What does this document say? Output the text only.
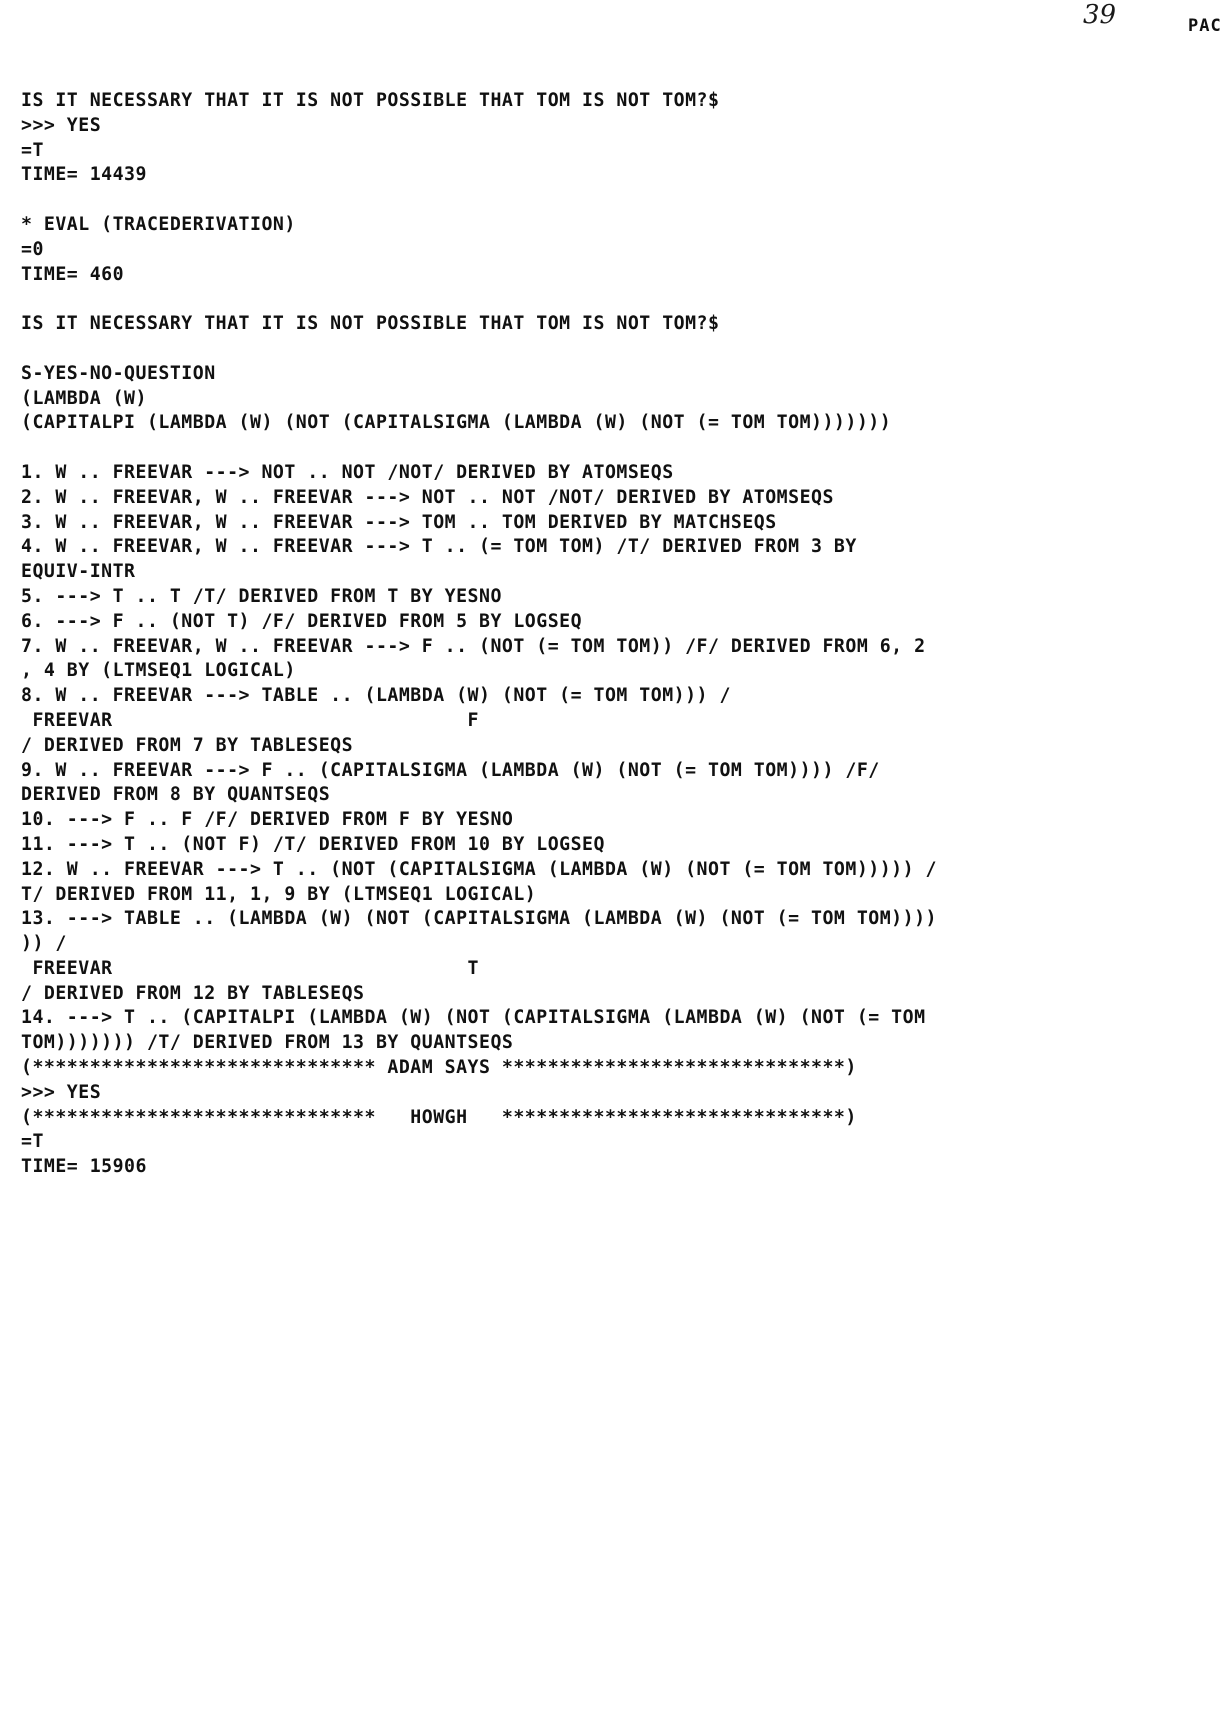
39	PAC
IS IT NECESSARY THAT IT IS NOT POSSIBLE THAT TOM IS NOT TOM?$
>>> YES
=T
TIME= 14439
* EVAL (TRACEDERIVATION)
=0
TIME= 460
IS IT NECESSARY THAT IT IS NOT POSSIBLE THAT TOM IS NOT TOM?$
S-YES-NO-QUESTION
(LAMBDA (W)
(CAPITALPI (LAMBDA (W) (NOT (CAPITALSIGMA (LAMBDA (W) (NOT (= TOM TOM)))))))
1. W .. FREEVAR ---> NOT .. NOT /NOT/ DERIVED BY ATOMSEQS
2. W .. FREEVAR, W .. FREEVAR ---> NOT .. NOT /NOT/ DERIVED BY ATOMSEQS
3. W .. FREEVAR, W .. FREEVAR ---> TOM .. TOM DERIVED BY MATCHSEQS
4. W .. FREEVAR, W .. FREEVAR ---> T .. (= TOM TOM) /T/ DERIVED FROM 3 BY
EQUIV-INTR
5. ---> T .. T /T/ DERIVED FROM T BY YESNO
6. ---> F .. (NOT T) /F/ DERIVED FROM 5 BY LOGSEQ
7. W .. FREEVAR, W .. FREEVAR ---> F .. (NOT (= TOM TOM)) /F/ DERIVED FROM 6, 2
, 4 BY (LTMSEQ1 LOGICAL)
8. W .. FREEVAR ---> TABLE .. (LAMBDA (W) (NOT (= TOM TOM))) /
FREEVAR                               F
/ DERIVED FROM 7 BY TABLESEQS
9. W .. FREEVAR ---> F .. (CAPITALSIGMA (LAMBDA (W) (NOT (= TOM TOM)))) /F/
DERIVED FROM 8 BY QUANTSEQS
10. ---> F .. F /F/ DERIVED FROM F BY YESNO
11. ---> T .. (NOT F) /T/ DERIVED FROM 10 BY LOGSEQ
12. W .. FREEVAR ---> T .. (NOT (CAPITALSIGMA (LAMBDA (W) (NOT (= TOM TOM))))) /
T/ DERIVED FROM 11, 1, 9 BY (LTMSEQ1 LOGICAL)
13. ---> TABLE .. (LAMBDA (W) (NOT (CAPITALSIGMA (LAMBDA (W) (NOT (= TOM TOM))))
)) /
FREEVAR                               T
/ DERIVED FROM 12 BY TABLESEQS
14. ---> T .. (CAPITALPI (LAMBDA (W) (NOT (CAPITALSIGMA (LAMBDA (W) (NOT (= TOM
TOM))))))) /T/ DERIVED FROM 13 BY QUANTSEQS
(****************************** ADAM SAYS ******************************)
>>> YES
(******************************   HOWGH   ******************************)
=T
TIME= 15906
